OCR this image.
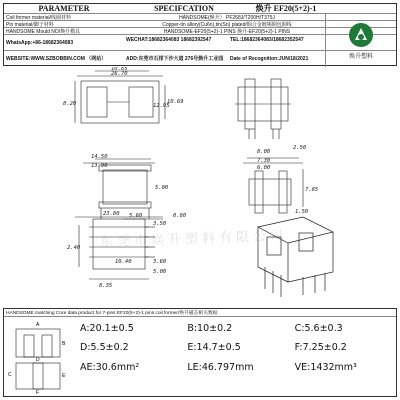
PARAMETER	SPECIFCATION	焕升 EF20(5+2)-1
Coil former material/线圈材料	HANDSOME(焕升） PF268J/T200H/T375J
Pin material/脚子材料	Copper-tin allory(Cu6n),tin(Sn) plated/铜合金镀锡铜包铜线
HANDSOME Mould NO/焕升模具	HANDSOME-EF20(5+2)-1 PINS 焕升-EF20(5+2)-1 PINS
WhatsApp:+86-18682364083	WECHAT:18682364083 18682392547	TEL:18682364083/18682352547
WEBSITE:WWW.SZBOBBIN.COM （网站）	ADD:东莞市石排下沙大道 276号焕升工业园	Date of Recognition:JUN/18/2021	焕升塑料
26.70
10.85
8.20	12.95
10.69
14.50
13.90
5.60
5.00
0.80
8.00
7.30
6.00
7.85
2.50
1.50
23.80
2.40
5.00
8.35
10.40
3.50
3.60
东莞市焕升塑料有限公司
HANDSOME matching Core data product for 7-pins EF20(5+2)-1 pins coil former/焕升磁芯相关数据
A
B
C
D
E
F
A:20.1±0.5	B:10±0.2	C:5.6±0.3
D:5.5±0.2	E:14.7±0.5	F:7.25±0.2
AE:30.6mm²	LE:46.797mm	VE:1432mm³
